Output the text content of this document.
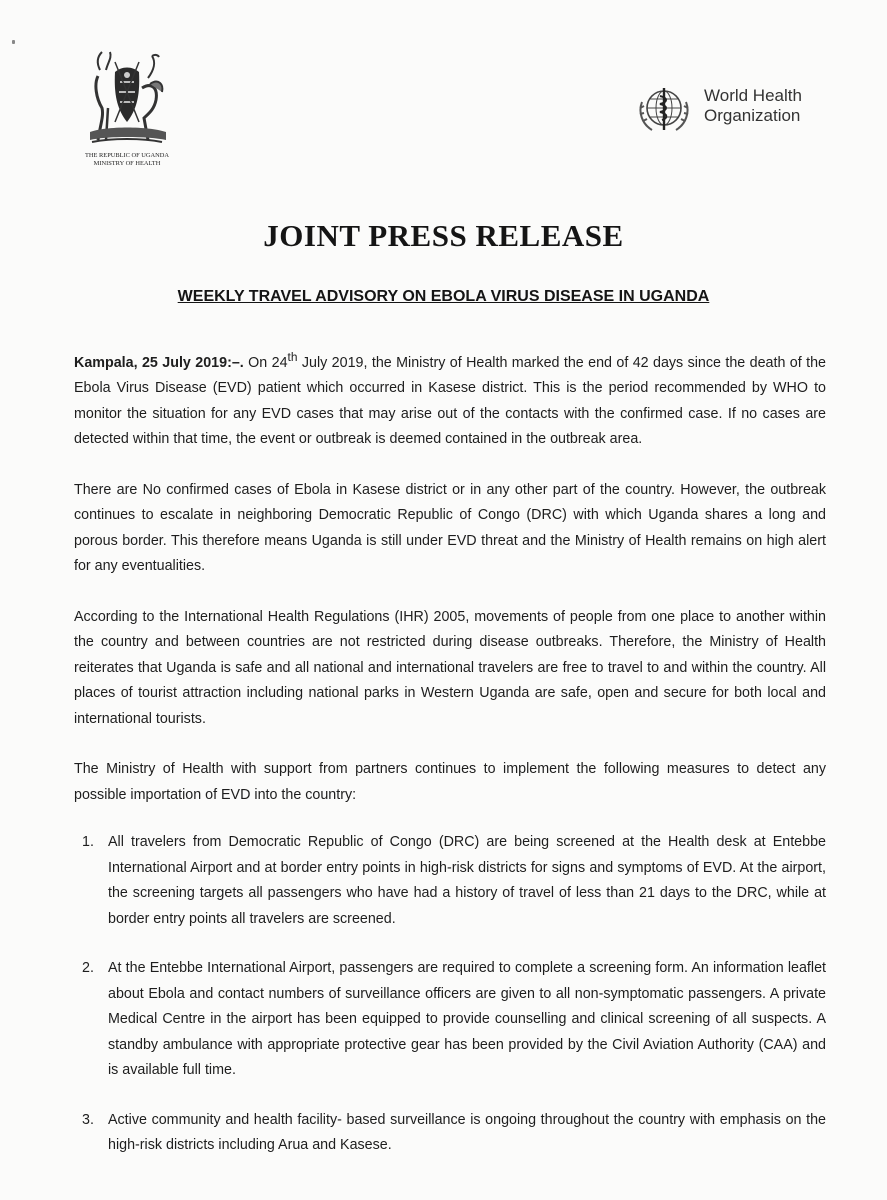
THE REPUBLIC OF UGANDA
MINISTRY OF HEALTH
World Health
Organization
JOINT PRESS RELEASE
WEEKLY TRAVEL ADVISORY ON EBOLA VIRUS DISEASE IN UGANDA

Kampala, 25 July 2019:–. On 24th July 2019, the Ministry of Health marked the end of 42 days since the death of the Ebola Virus Disease (EVD) patient which occurred in Kasese district. This is the period recommended by WHO to monitor the situation for any EVD cases that may arise out of the contacts with the confirmed case. If no cases are detected within that time, the event or outbreak is deemed contained in the outbreak area.

There are No confirmed cases of Ebola in Kasese district or in any other part of the country. However, the outbreak continues to escalate in neighboring Democratic Republic of Congo (DRC) with which Uganda shares a long and porous border. This therefore means Uganda is still under EVD threat and the Ministry of Health remains on high alert for any eventualities.

According to the International Health Regulations (IHR) 2005, movements of people from one place to another within the country and between countries are not restricted during disease outbreaks. Therefore, the Ministry of Health reiterates that Uganda is safe and all national and international travelers are free to travel to and within the country. All places of tourist attraction including national parks in Western Uganda are safe, open and secure for both local and international tourists.

The Ministry of Health with support from partners continues to implement the following measures to detect any possible importation of EVD into the country:

1. All travelers from Democratic Republic of Congo (DRC) are being screened at the Health desk at Entebbe International Airport and at border entry points in high-risk districts for signs and symptoms of EVD. At the airport, the screening targets all passengers who have had a history of travel of less than 21 days to the DRC, while at border entry points all travelers are screened.
2. At the Entebbe International Airport, passengers are required to complete a screening form. An information leaflet about Ebola and contact numbers of surveillance officers are given to all non-symptomatic passengers. A private Medical Centre in the airport has been equipped to provide counselling and clinical screening of all suspects. A standby ambulance with appropriate protective gear has been provided by the Civil Aviation Authority (CAA) and is available full time.
3. Active community and health facility- based surveillance is ongoing throughout the country with emphasis on the high-risk districts including Arua and Kasese.
